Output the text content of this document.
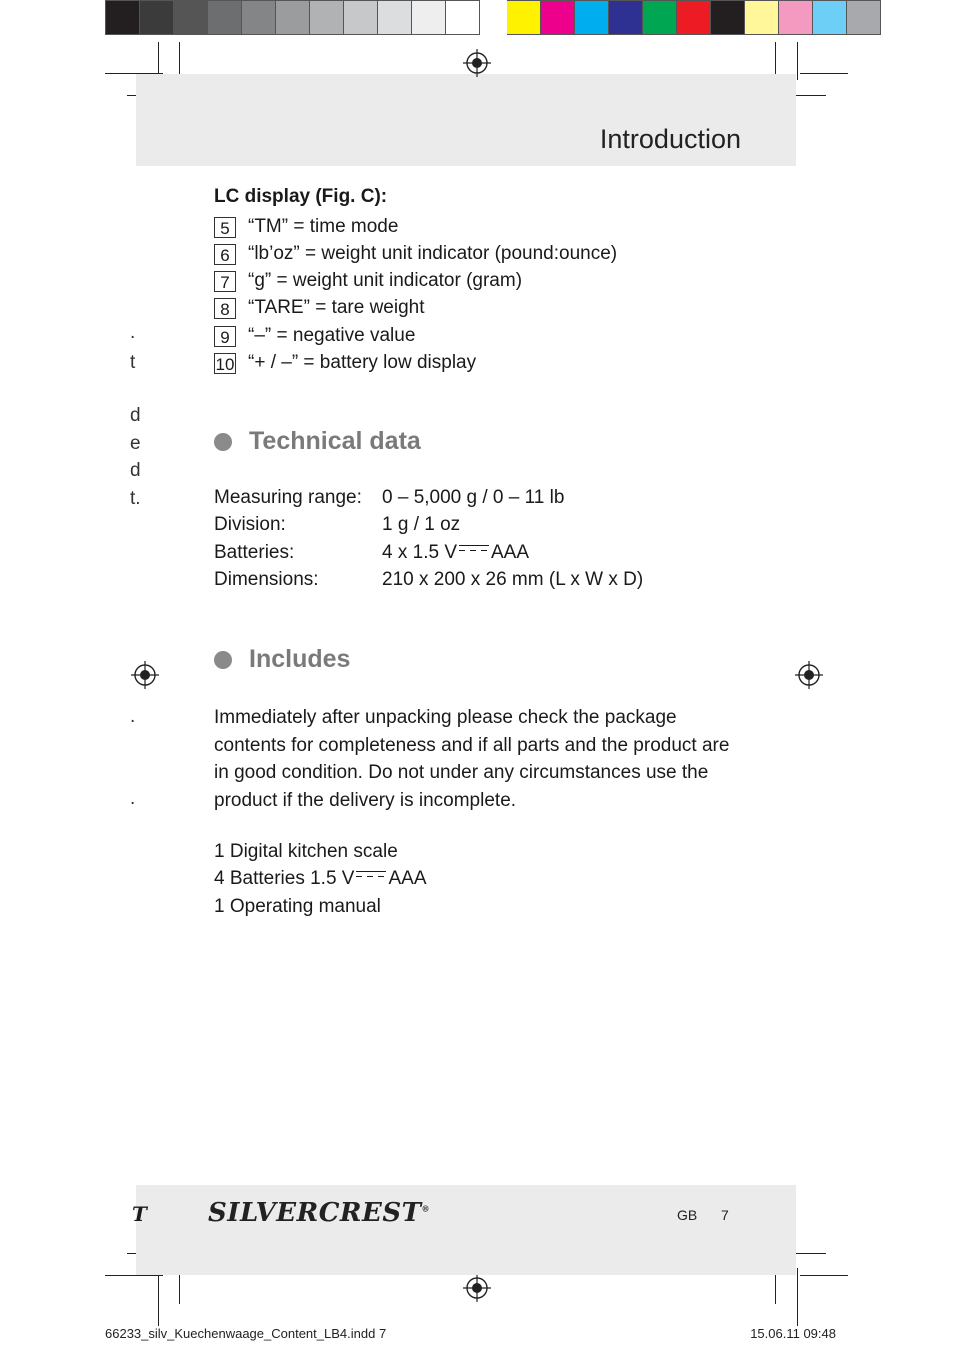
Introduction
.
t
d
e
d
t.
.
.
LC display (Fig. C):
5 “TM” = time mode
6 “lb’oz” = weight unit indicator (pound:ounce)
7 “g” = weight unit indicator (gram)
8 “TARE” = tare weight
9 “–” = negative value
10 “+ / –” = battery low display
Technical data
Measuring range: 0 – 5,000 g / 0 – 11 lb
Division:	1 g / 1 oz
Batteries:	4 x 1.5 V AAA
Dimensions:	210 x 200 x 26 mm (L x W x D)
Includes
Immediately after unpacking please check the package contents for completeness and if all parts and the product are in good condition. Do not under any circumstances use the product if the delivery is incomplete.
1 Digital kitchen scale
4 Batteries 1.5 V AAA
1 Operating manual
T SILVERCREST®	GB 7
66233_silv_Kuechenwaage_Content_LB4.indd 7	15.06.11 09:48
